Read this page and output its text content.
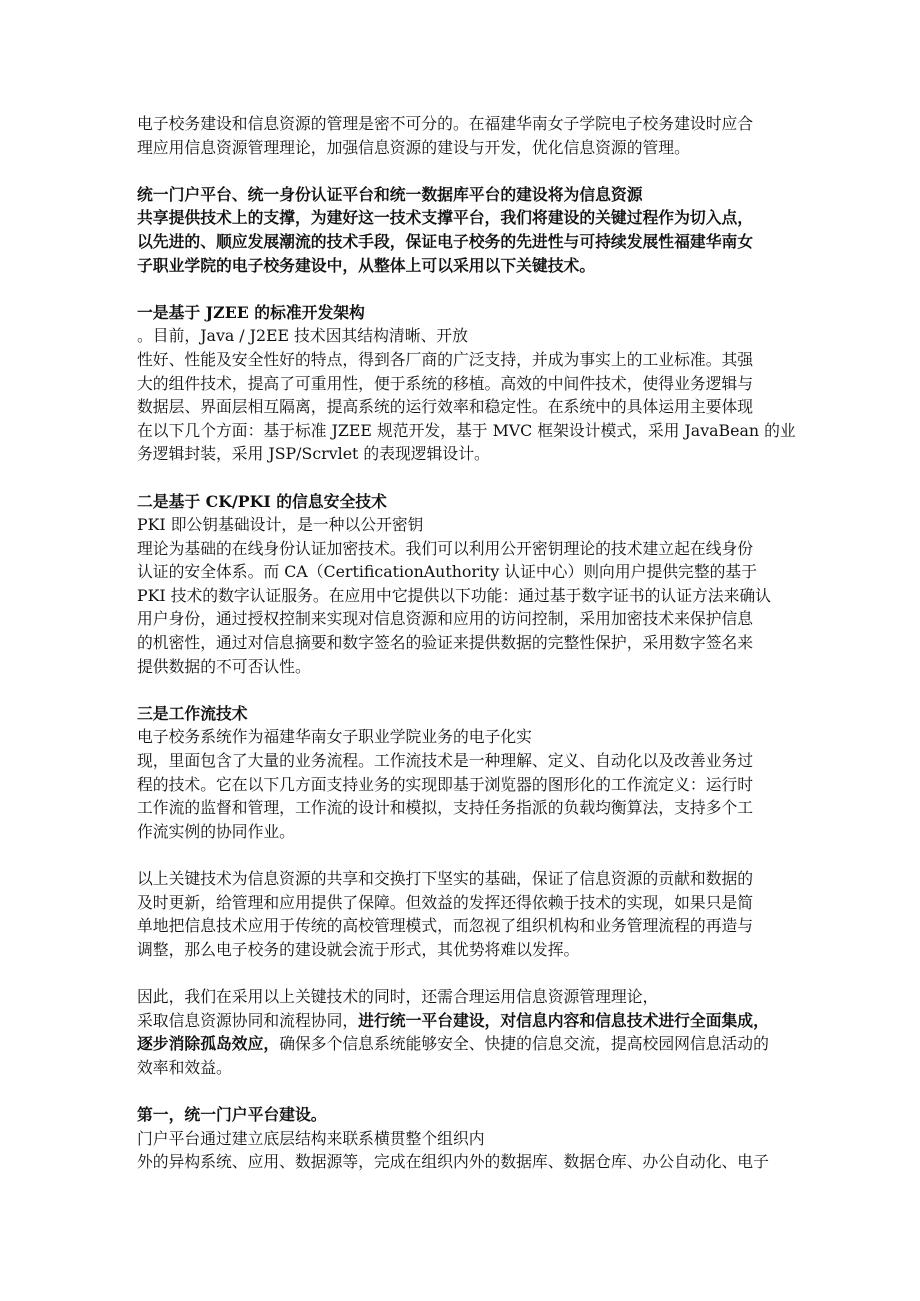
电子校务建设和信息资源的管理是密不可分的。在福建华南女子学院电子校务建设时应合
理应用信息资源管理理论，加强信息资源的建设与开发，优化信息资源的管理。
统一门户平台、统一身份认证平台和统一数据库平台的建设将为信息资源
共享提供技术上的支撑，为建好这一技术支撑平台，我们将建设的关键过程作为切入点，
以先进的、顺应发展潮流的技术手段，保证电子校务的先进性与可持续发展性福建华南女
子职业学院的电子校务建设中，从整体上可以采用以下关键技术。
一是基于 JZEE 的标准开发架构
。目前，Java / J2EE 技术因其结构清晰、开放
性好、性能及安全性好的特点，得到各厂商的广泛支持，并成为事实上的工业标准。其强
大的组件技术，提高了可重用性，便于系统的移植。高效的中间件技术，使得业务逻辑与
数据层、界面层相互隔离，提高系统的运行效率和稳定性。在系统中的具体运用主要体现
在以下几个方面：基于标准 JZEE 规范开发，基于 MVC 框架设计模式，采用 JavaBean 的业
务逻辑封装，采用 JSP/Scrvlet 的表现逻辑设计。
二是基于 CK/PKI 的信息安全技术
PKI 即公钥基础设计，是一种以公开密钥
理论为基础的在线身份认证加密技术。我们可以利用公开密钥理论的技术建立起在线身份
认证的安全体系。而 CA（CertificationAuthority 认证中心）则向用户提供完整的基于
PKI 技术的数字认证服务。在应用中它提供以下功能：通过基于数字证书的认证方法来确认
用户身份，通过授权控制来实现对信息资源和应用的访问控制，采用加密技术来保护信息
的机密性，通过对信息摘要和数字签名的验证来提供数据的完整性保护，采用数字签名来
提供数据的不可否认性。
三是工作流技术
电子校务系统作为福建华南女子职业学院业务的电子化实
现，里面包含了大量的业务流程。工作流技术是一种理解、定义、自动化以及改善业务过
程的技术。它在以下几方面支持业务的实现即基于浏览器的图形化的工作流定义：运行时
工作流的监督和管理，工作流的设计和模拟，支持任务指派的负载均衡算法，支持多个工
作流实例的协同作业。
以上关键技术为信息资源的共享和交换打下坚实的基础，保证了信息资源的贡献和数据的
及时更新，给管理和应用提供了保障。但效益的发挥还得依赖于技术的实现，如果只是简
单地把信息技术应用于传统的高校管理模式，而忽视了组织机构和业务管理流程的再造与
调整，那么电子校务的建设就会流于形式，其优势将难以发挥。
因此，我们在采用以上关键技术的同时，还需合理运用信息资源管理理论，
采取信息资源协同和流程协同，进行统一平台建设，对信息内容和信息技术进行全面集成，
逐步消除孤岛效应，确保多个信息系统能够安全、快捷的信息交流，提高校园网信息活动的
效率和效益。
第一，统一门户平台建设。
门户平台通过建立底层结构来联系横贯整个组织内
外的异构系统、应用、数据源等，完成在组织内外的数据库、数据仓库、办公自动化、电子
